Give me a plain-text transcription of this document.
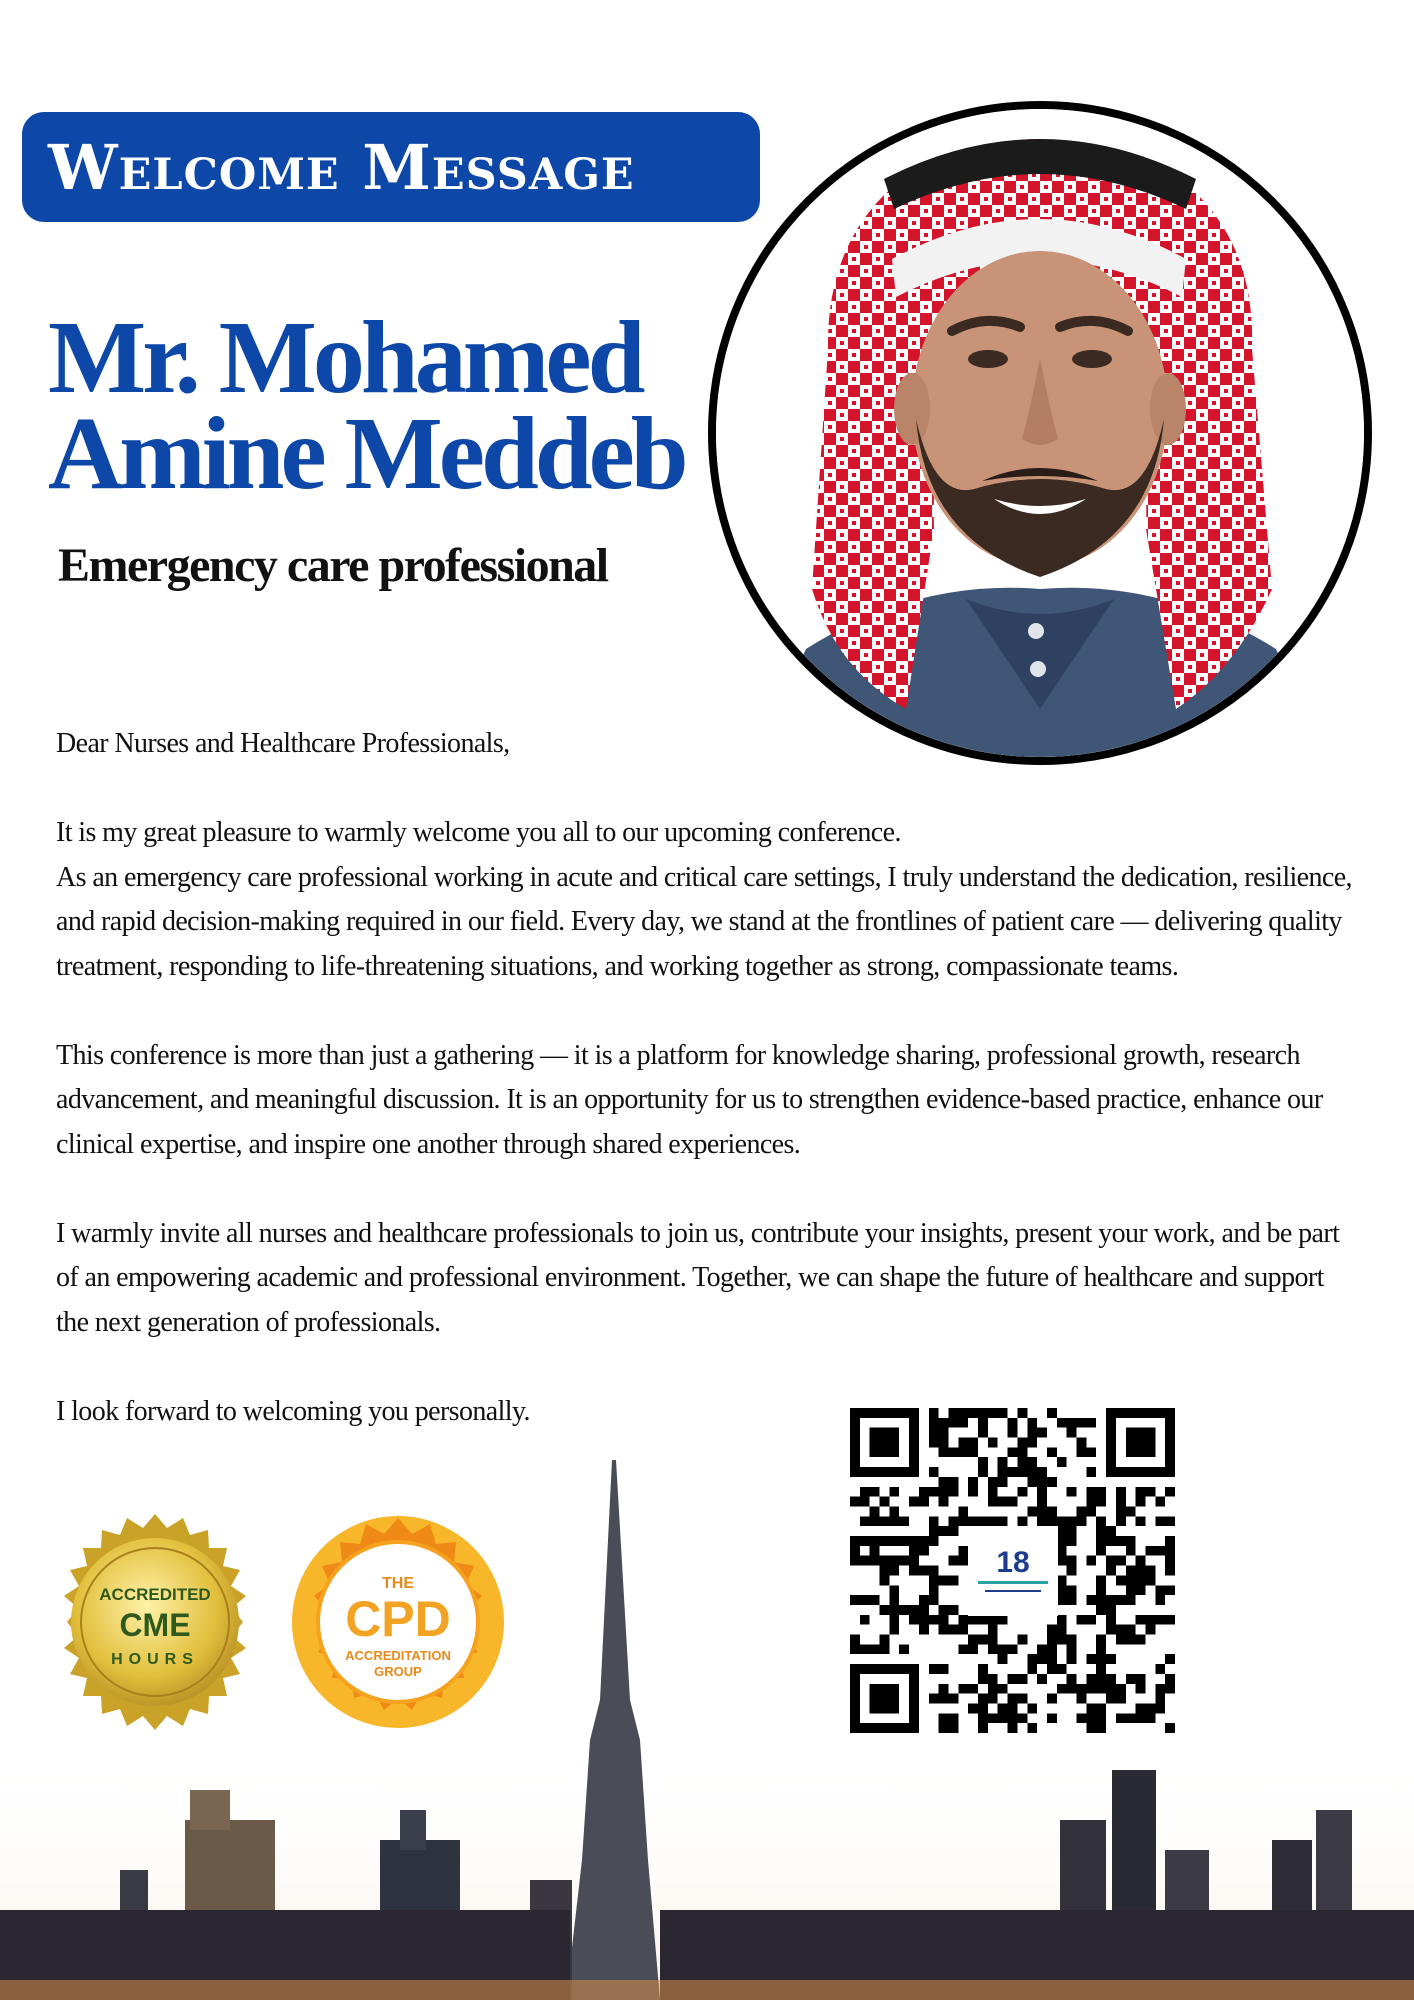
Welcome Message
Mr. Mohamed
Amine Meddeb
Emergency care professional

Dear Nurses and Healthcare Professionals,

It is my great pleasure to warmly welcome you all to our upcoming conference.

As an emergency care professional working in acute and critical care settings, I truly understand the dedication, resilience, and rapid decision-making required in our field. Every day, we stand at the frontlines of patient care — delivering quality treatment, responding to life-threatening situations, and working together as strong, compassionate teams.

This conference is more than just a gathering — it is a platform for knowledge sharing, professional growth, research advancement, and meaningful discussion. It is an opportunity for us to strengthen evidence-based practice, enhance our clinical expertise, and inspire one another through shared experiences.

I warmly invite all nurses and healthcare professionals to join us, contribute your insights, present your work, and be part of an empowering academic and professional environment. Together, we can shape the future of healthcare and support the next generation of professionals.

I look forward to welcoming you personally.

ACCREDITED
CME
HOURS
THE
CPD
ACCREDITATION
GROUP
18
